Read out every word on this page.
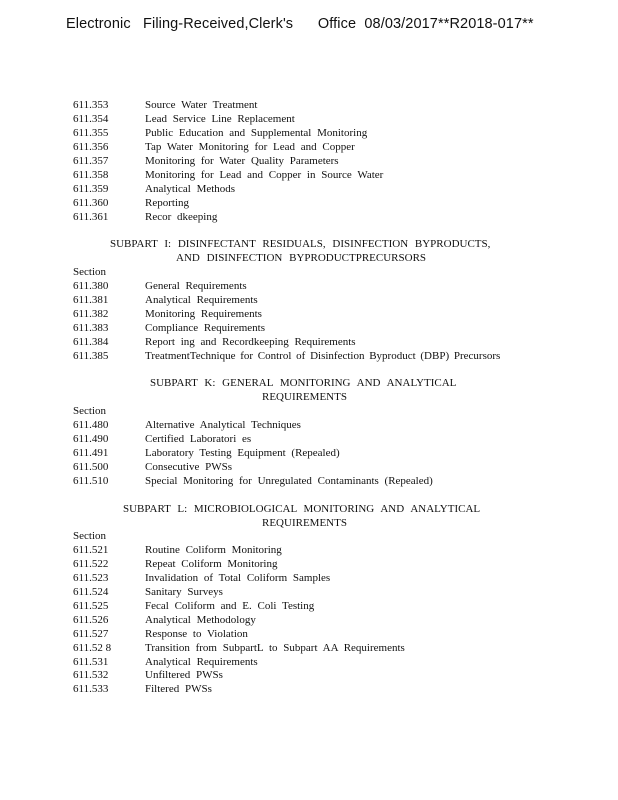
Electronic   Filing-Received,Clerk's      Office  08/03/2017**R2018-017**
611.353	Source Water Treatment
611.354	Lead Service Line Replacement
611.355	Public Education and Supplemental Monitoring
611.356	Tap Water Monitoring for Lead and Copper
611.357	Monitoring for Water Quality Parameters
611.358	Monitoring for Lead and Copper in Source Water
611.359	Analytical Methods
611.360	Reporting
611.361	Recor dkeeping
SUBPART I: DISINFECTANT RESIDUALS, DISINFECTION BYPRODUCTS,
AND DISINFECTION BYPRODUCTPRECURSORS
Section
611.380	General Requirements
611.381	Analytical Requirements
611.382	Monitoring Requirements
611.383	Compliance Requirements
611.384	Report ing and Recordkeeping Requirements
611.385	TreatmentTechnique for Control of Disinfection Byproduct (DBP) Precursors
SUBPART K: GENERAL MONITORING AND ANALYTICAL
REQUIREMENTS
Section
611.480	Alternative Analytical Techniques
611.490	Certified Laboratori es
611.491	Laboratory Testing Equipment (Repealed)
611.500	Consecutive PWSs
611.510	Special Monitoring for Unregulated Contaminants (Repealed)
SUBPART L: MICROBIOLOGICAL MONITORING AND ANALYTICAL
REQUIREMENTS
Section
611.521	Routine Coliform Monitoring
611.522	Repeat Coliform Monitoring
611.523	Invalidation of Total Coliform Samples
611.524	Sanitary Surveys
611.525	Fecal Coliform and E. Coli Testing
611.526	Analytical Methodology
611.527	Response to Violation
611.52 8	Transition from SubpartL to Subpart AA Requirements
611.531	Analytical Requirements
611.532	Unfiltered PWSs
611.533	Filtered PWSs
